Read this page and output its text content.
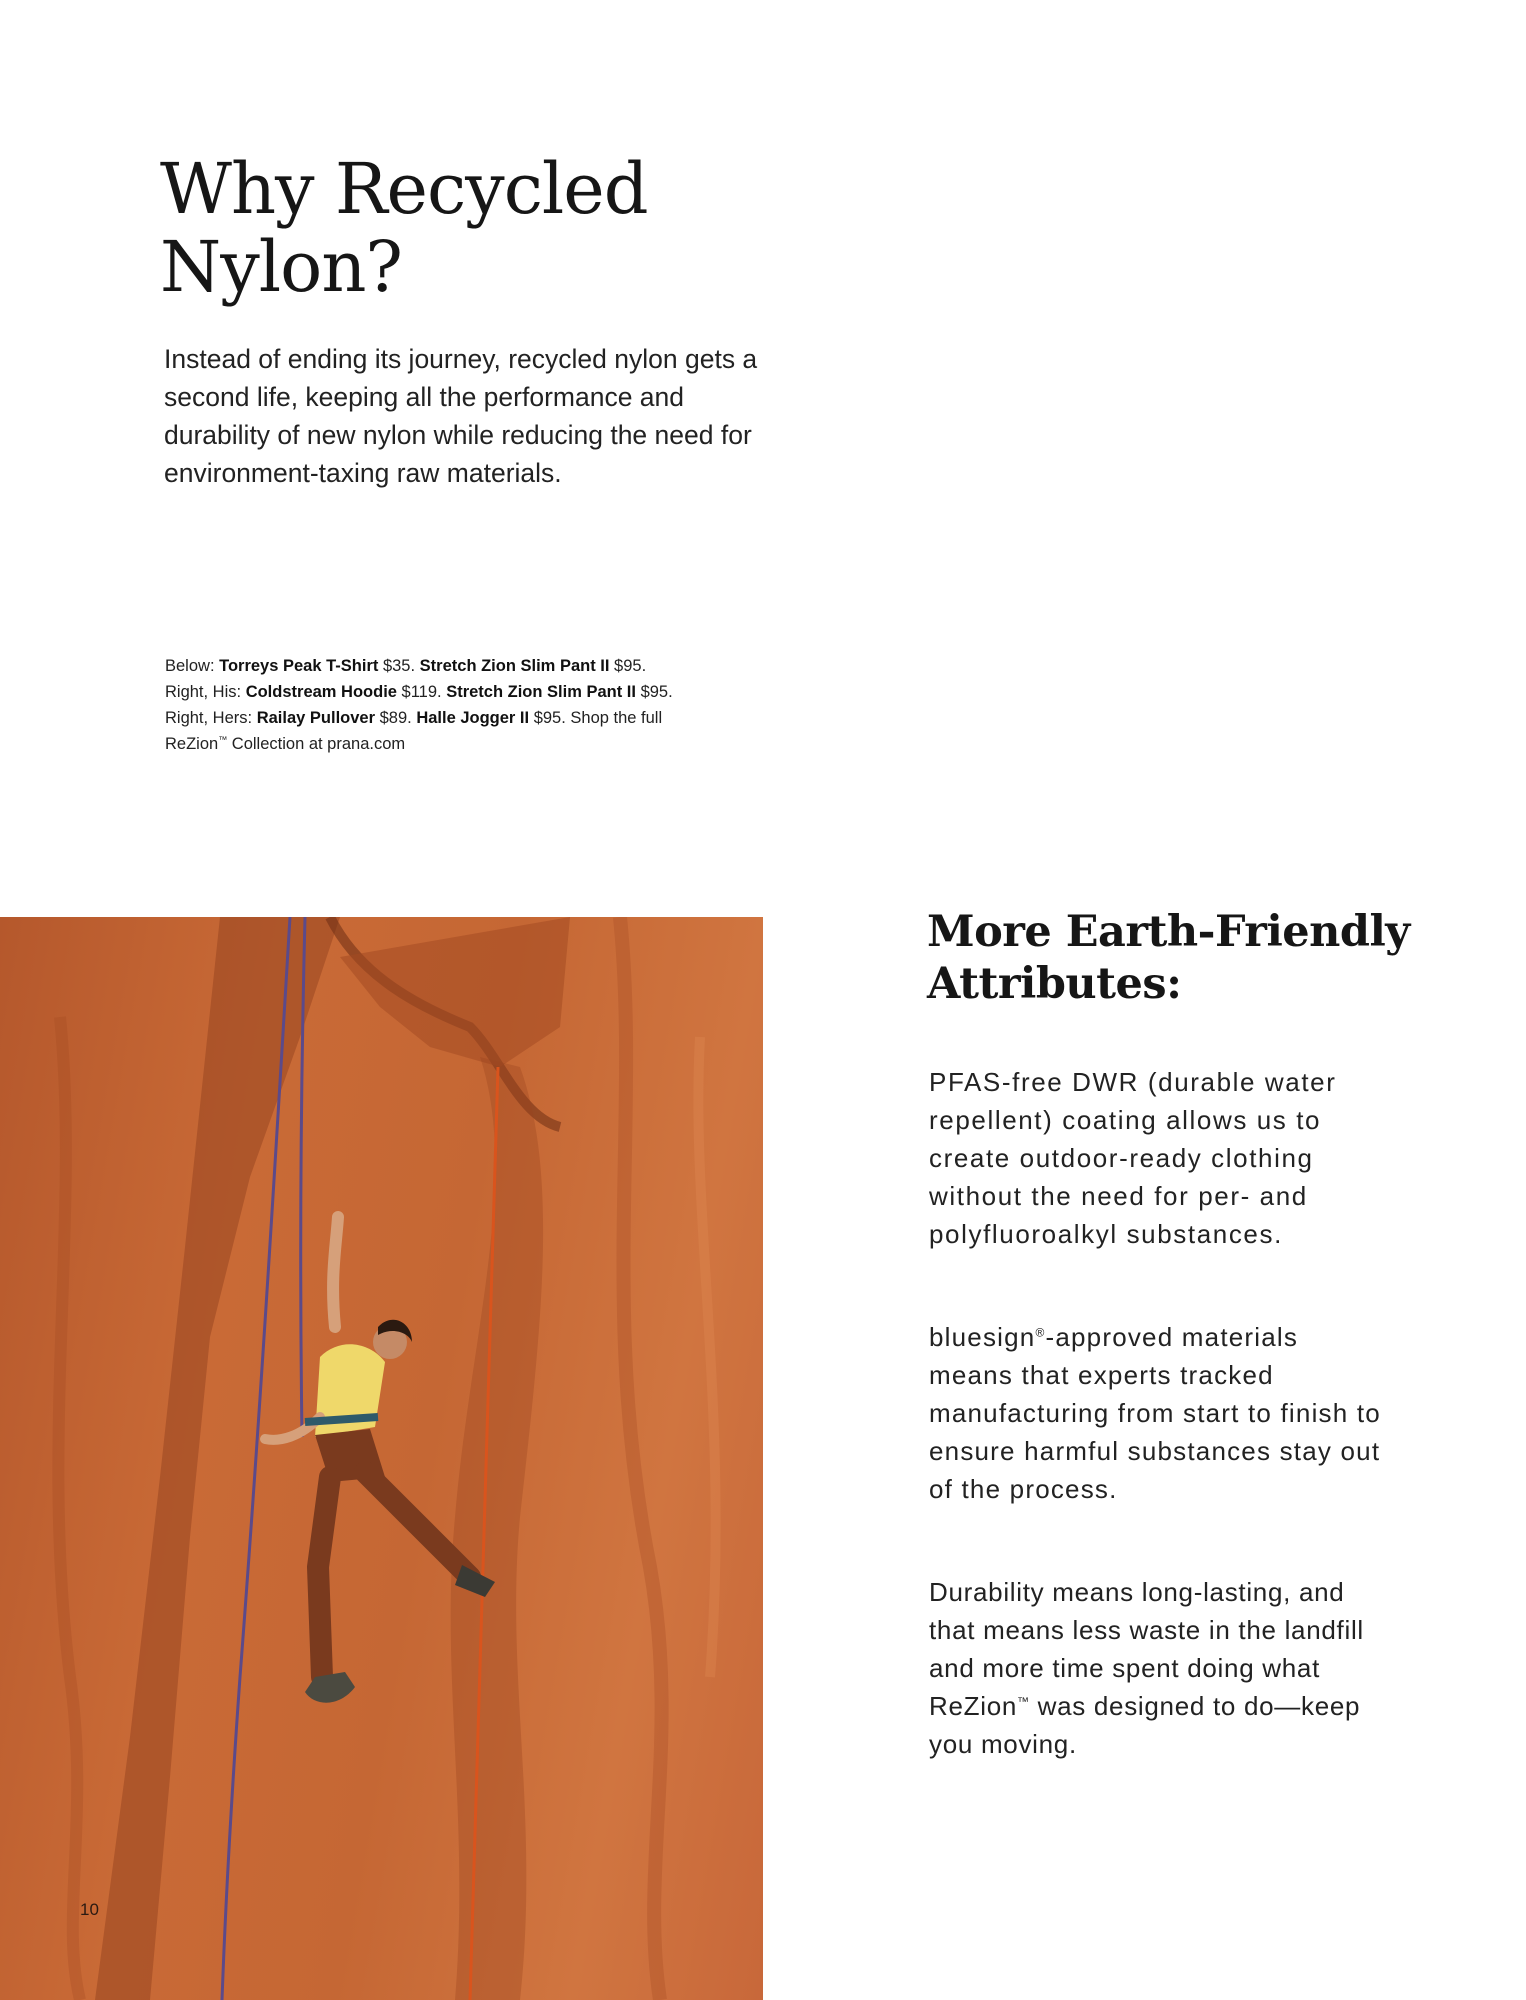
Why Recycled
Nylon?

Instead of ending its journey, recycled nylon gets a second life, keeping all the performance and durability of new nylon while reducing the need for environment-taxing raw materials.

Below: Torreys Peak T-Shirt $35. Stretch Zion Slim Pant II $95.
Right, His: Coldstream Hoodie $119. Stretch Zion Slim Pant II $95.
Right, Hers: Railay Pullover $89. Halle Jogger II $95. Shop the full
ReZion™ Collection at prana.com

10

More Earth-Friendly
Attributes:

PFAS-free DWR (durable water repellent) coating allows us to create outdoor-ready clothing without the need for per- and polyfluoroalkyl substances.

bluesign®-approved materials means that experts tracked manufacturing from start to finish to ensure harmful substances stay out of the process.

Durability means long-lasting, and that means less waste in the landfill and more time spent doing what ReZion™ was designed to do—keep you moving.
